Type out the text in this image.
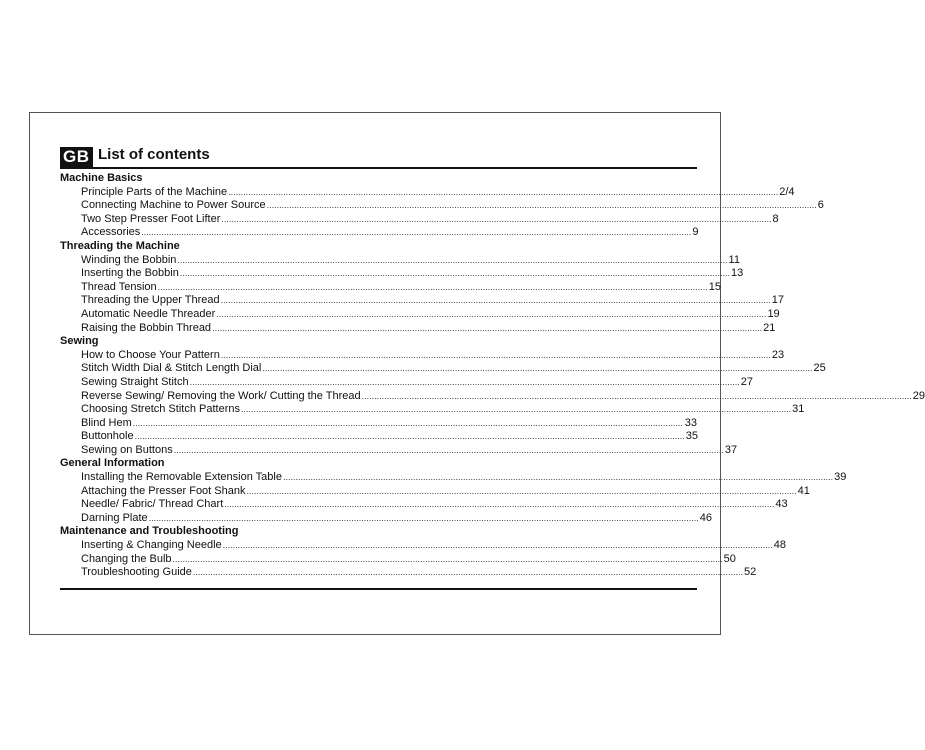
GB List of contents
Machine Basics
Principle Parts of the Machine ............................................................................................................................................................................................................................ 2/4
Connecting Machine to Power Source ............................................................................................................................................................................................................................ 6
Two Step Presser Foot Lifter ............................................................................................................................................................................................................................ 8
Accessories ............................................................................................................................................................................................................................ 9
Threading the Machine
Winding the Bobbin ............................................................................................................................................................................................................................ 11
Inserting the Bobbin ............................................................................................................................................................................................................................ 13
Thread Tension ............................................................................................................................................................................................................................ 15
Threading the Upper Thread ............................................................................................................................................................................................................................ 17
Automatic Needle Threader ............................................................................................................................................................................................................................ 19
Raising the Bobbin Thread ............................................................................................................................................................................................................................ 21
Sewing
How to Choose Your Pattern ............................................................................................................................................................................................................................ 23
Stitch Width Dial & Stitch Length Dial ............................................................................................................................................................................................................................ 25
Sewing Straight Stitch ............................................................................................................................................................................................................................ 27
Reverse Sewing/ Removing the Work/ Cutting the Thread ............................................................................................................................................................................................................................ 29
Choosing Stretch Stitch Patterns ............................................................................................................................................................................................................................ 31
Blind Hem ............................................................................................................................................................................................................................ 33
Buttonhole ............................................................................................................................................................................................................................ 35
Sewing on Buttons ............................................................................................................................................................................................................................ 37
General Information
Installing the Removable Extension Table ............................................................................................................................................................................................................................ 39
Attaching the Presser Foot Shank ............................................................................................................................................................................................................................ 41
Needle/ Fabric/ Thread Chart ............................................................................................................................................................................................................................ 43
Darning Plate ............................................................................................................................................................................................................................ 46
Maintenance and Troubleshooting
Inserting & Changing Needle ............................................................................................................................................................................................................................ 48
Changing the Bulb ............................................................................................................................................................................................................................ 50
Troubleshooting Guide ............................................................................................................................................................................................................................ 52
